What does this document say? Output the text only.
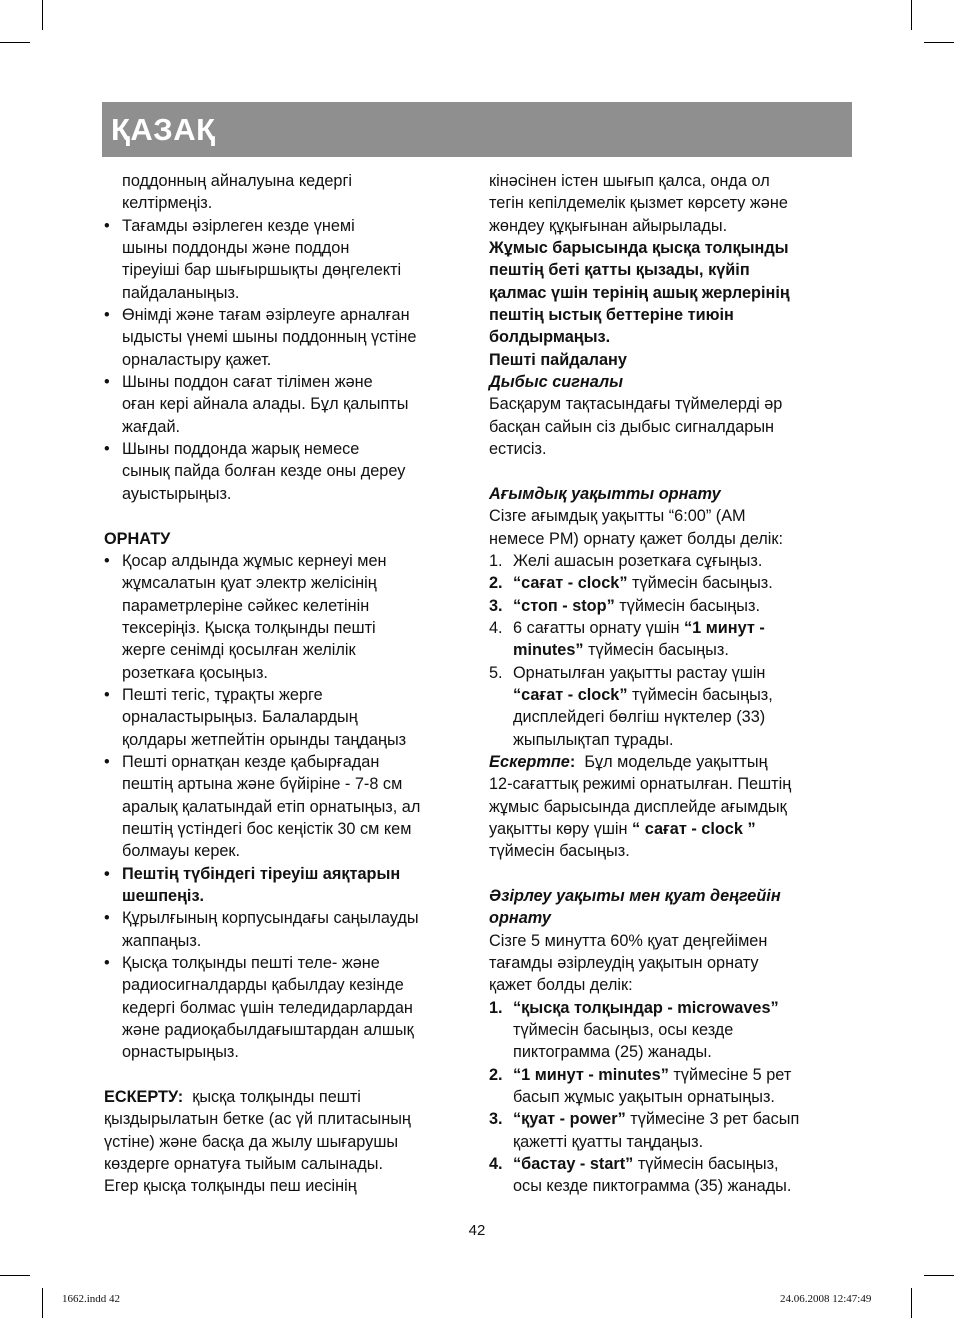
ҚАЗАҚ

поддонның айналуына кедергі

келтірмеңіз.

• Тағамды әзірлеген кезде үнемі

шыны поддонды және поддон

тіреуіші бар шығыршықты дөңгелекті

пайдаланыңыз.

• Өнімді және тағам әзірлеуге арналған

ыдысты үнемі шыны поддонның үстіне

орналастыру қажет.

• Шыны поддон сағат тілімен және

оған кері айнала алады. Бұл қалыпты

жағдай.

• Шыны поддонда жарық немесе

сынық пайда болған кезде оны дереу

ауыстырыңыз.

ОРНАТУ

• Қосар алдында жұмыс кернеуі мен

жұмсалатын қуат электр желісінің

параметрлеріне сәйкес келетінін

тексеріңіз. Қысқа толқынды пешті

жерге сенімді қосылған желілік

розеткаға қосыңыз.

• Пешті тегіс, тұрақты жерге

орналастырыңыз. Балалардың

қолдары жетпейтін орынды таңдаңыз

• Пешті орнатқан кезде қабырғадан

пештің артына және бүйіріне - 7-8 см

аралық қалатындай етіп орнатыңыз, ал

пештің үстіндегі бос кеңістік 30 см кем

болмауы керек.

• Пештің түбіндегі тіреуіш аяқтарын

шешпеңіз.

• Құрылғының корпусындағы саңылауды

жаппаңыз.

• Қысқа толқынды пешті теле- және

радиосигналдарды қабылдау кезінде

кедергі болмас үшін теледидарлардан

және радиоқабылдағыштардан алшық

орнастырыңыз.

ЕСКЕРТУ:  қысқа толқынды пешті

қыздырылатын бетке (ас үй плитасының

үстіне) және басқа да жылу шығарушы

көздерге орнатуға тыйым салынады.

Егер қысқа толқынды пеш иесінің

кінәсінен істен шығып қалса, онда ол

тегін кепілдемелік қызмет көрсету және

жөндеу құқығынан айырылады.

Жұмыс барысында қысқа толқынды

пештің беті қатты қызады, күйіп

қалмас үшін терінің ашық жерлерінің

пештің ыстық беттеріне тиюін

болдырмаңыз.

Пешті пайдалану

Дыбыс сигналы

Басқарум тақтасындағы түймелерді әр

басқан сайын сіз дыбыс сигналдарын

естисіз.

Ағымдық уақытты орнату

Сізге ағымдық уақытты “6:00” (AM

немесе PM) орнату қажет болды делік:

1. Желі ашасын розеткаға сұғыңыз.

2. “сағат - clock” түймесін басыңыз.

3. “стоп - stop” түймесін басыңыз.

4. 6 сағатты орнату үшін “1 минут -

minutes” түймесін басыңыз.

5. Орнатылған уақытты растау үшін

“сағат - clock” түймесін басыңыз,

дисплейдегі бөлгіш нүктелер (33)

жыпылықтап тұрады.

Ескертпе:  Бұл модельде уақыттың

12-сағаттық режимі орнатылған. Пештің

жұмыс барысында дисплейде ағымдық

уақытты көру үшін “ сағат - clock ”

түймесін басыңыз.

Әзірлеу уақыты мен қуат деңгейін

орнату

Сізге 5 минутта 60% қуат деңгейімен

тағамды әзірлеудің уақытын орнату

қажет болды делік:

1. “қысқа толқындар - microwaves”

түймесін басыңыз, осы кезде

пиктограмма (25) жанады.

2. “1 минут - minutes” түймесіне 5 рет

басып жұмыс уақытын орнатыңыз.

3. “қуат - power” түймесіне 3 рет басып

қажетті қуатты таңдаңыз.

4. “бастау - start” түймесін басыңыз,

осы кезде пиктограмма (35) жанады.

42
1662.indd 42	24.06.2008 12:47:49
